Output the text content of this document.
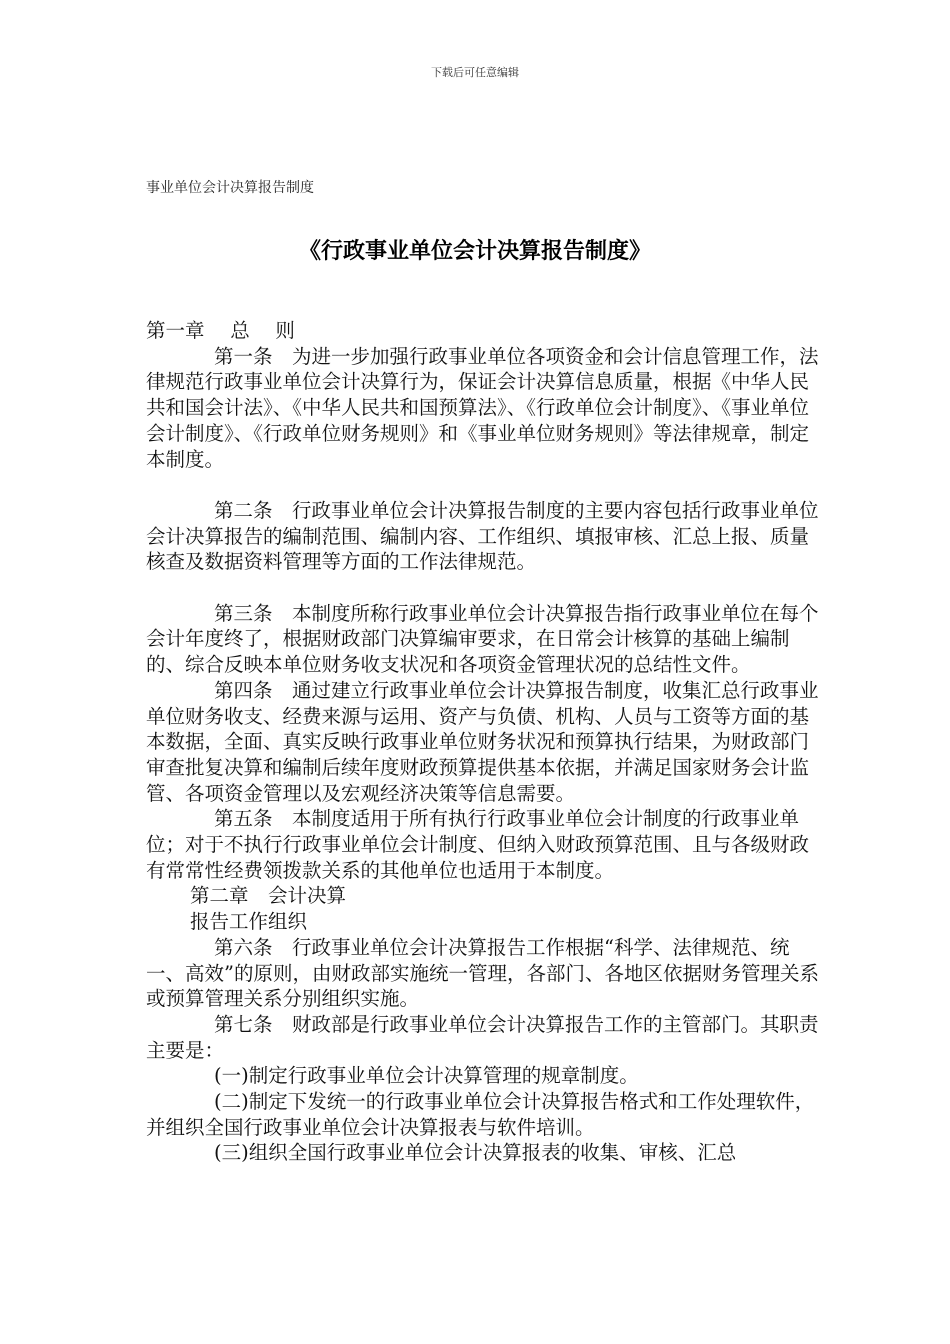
下载后可任意编辑
事业单位会计决算报告制度
《行政事业单位会计决算报告制度》

第一章　 总　 则

第一条　为进一步加强行政事业单位各项资金和会计信息管理工作，法律规范行政事业单位会计决算行为，保证会计决算信息质量，根据《中华人民共和国会计法》、《中华人民共和国预算法》、《行政单位会计制度》、《事业单位会计制度》、《行政单位财务规则》和《事业单位财务规则》等法律规章，制定本制度。

第二条　行政事业单位会计决算报告制度的主要内容包括行政事业单位会计决算报告的编制范围、编制内容、工作组织、填报审核、汇总上报、质量核查及数据资料管理等方面的工作法律规范。

第三条　本制度所称行政事业单位会计决算报告指行政事业单位在每个会计年度终了，根据财政部门决算编审要求，在日常会计核算的基础上编制的、综合反映本单位财务收支状况和各项资金管理状况的总结性文件。

第四条　通过建立行政事业单位会计决算报告制度，收集汇总行政事业单位财务收支、经费来源与运用、资产与负债、机构、人员与工资等方面的基本数据，全面、真实反映行政事业单位财务状况和预算执行结果，为财政部门审查批复决算和编制后续年度财政预算提供基本依据，并满足国家财务会计监管、各项资金管理以及宏观经济决策等信息需要。

第五条　本制度适用于所有执行行政事业单位会计制度的行政事业单位；对于不执行行政事业单位会计制度、但纳入财政预算范围、且与各级财政有常常性经费领拨款关系的其他单位也适用于本制度。

第二章　会计决算

报告工作组织

第六条　行政事业单位会计决算报告工作根据“科学、法律规范、统一、高效”的原则，由财政部实施统一管理，各部门、各地区依据财务管理关系或预算管理关系分别组织实施。

第七条　财政部是行政事业单位会计决算报告工作的主管部门。其职责主要是：

(一)制定行政事业单位会计决算管理的规章制度。

(二)制定下发统一的行政事业单位会计决算报告格式和工作处理软件，并组织全国行政事业单位会计决算报表与软件培训。

(三)组织全国行政事业单位会计决算报表的收集、审核、汇总
